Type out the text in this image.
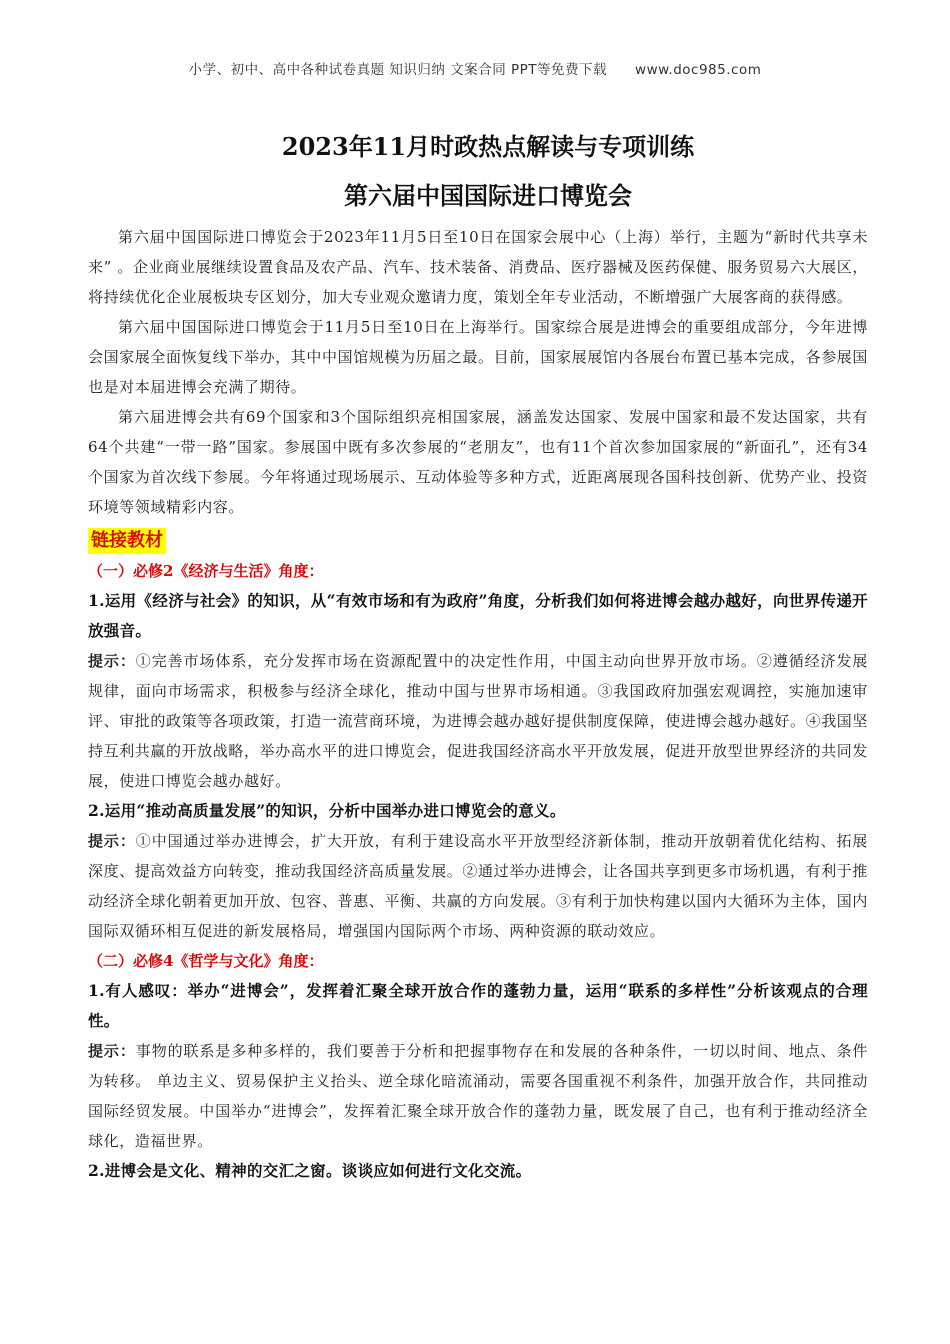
小学、初中、高中各种试卷真题 知识归纳 文案合同 PPT等免费下载 www.doc985.com
2023年11月时政热点解读与专项训练
第六届中国国际进口博览会

第六届中国国际进口博览会于2023年11月5日至10日在国家会展中心（上海）举行，主题为“新时代共享未来” 。企业商业展继续设置食品及农产品、汽车、技术装备、消费品、医疗器械及医药保健、服务贸易六大展区，将持续优化企业展板块专区划分，加大专业观众邀请力度，策划全年专业活动，不断增强广大展客商的获得感。

第六届中国国际进口博览会于11月5日至10日在上海举行。国家综合展是进博会的重要组成部分，今年进博会国家展全面恢复线下举办，其中中国馆规模为历届之最。目前，国家展展馆内各展台布置已基本完成，各参展国也是对本届进博会充满了期待。

第六届进博会共有69个国家和3个国际组织亮相国家展，涵盖发达国家、发展中国家和最不发达国家，共有64个共建“一带一路”国家。参展国中既有多次参展的“老朋友”，也有11个首次参加国家展的“新面孔”，还有34个国家为首次线下参展。今年将通过现场展示、互动体验等多种方式，近距离展现各国科技创新、优势产业、投资环境等领域精彩内容。

链接教材

（一）必修2《经济与生活》角度：

1.运用《经济与社会》的知识，从“有效市场和有为政府”角度，分析我们如何将进博会越办越好，向世界传递开放强音。

提示：①完善市场体系，充分发挥市场在资源配置中的决定性作用，中国主动向世界开放市场。②遵循经济发展规律，面向市场需求，积极参与经济全球化，推动中国与世界市场相通。③我国政府加强宏观调控，实施加速审评、审批的政策等各项政策，打造一流营商环境，为进博会越办越好提供制度保障，使进博会越办越好。④我国坚持互利共赢的开放战略，举办高水平的进口博览会，促进我国经济高水平开放发展，促进开放型世界经济的共同发展，使进口博览会越办越好。

2.运用“推动高质量发展”的知识，分析中国举办进口博览会的意义。

提示：①中国通过举办进博会，扩大开放，有利于建设高水平开放型经济新体制，推动开放朝着优化结构、拓展深度、提高效益方向转变，推动我国经济高质量发展。②通过举办进博会，让各国共享到更多市场机遇，有利于推动经济全球化朝着更加开放、包容、普惠、平衡、共赢的方向发展。③有利于加快构建以国内大循环为主体，国内国际双循环相互促进的新发展格局，增强国内国际两个市场、两种资源的联动效应。

（二）必修4《哲学与文化》角度：

1.有人感叹：举办“进博会”，发挥着汇聚全球开放合作的蓬勃力量，运用“联系的多样性”分析该观点的合理性。

提示：事物的联系是多种多样的，我们要善于分析和把握事物存在和发展的各种条件，一切以时间、地点、条件为转移。 单边主义、贸易保护主义抬头、逆全球化暗流涌动，需要各国重视不利条件，加强开放合作，共同推动国际经贸发展。中国举办“进博会”，发挥着汇聚全球开放合作的蓬勃力量，既发展了自己，也有利于推动经济全球化，造福世界。

2.进博会是文化、精神的交汇之窗。谈谈应如何进行文化交流。
